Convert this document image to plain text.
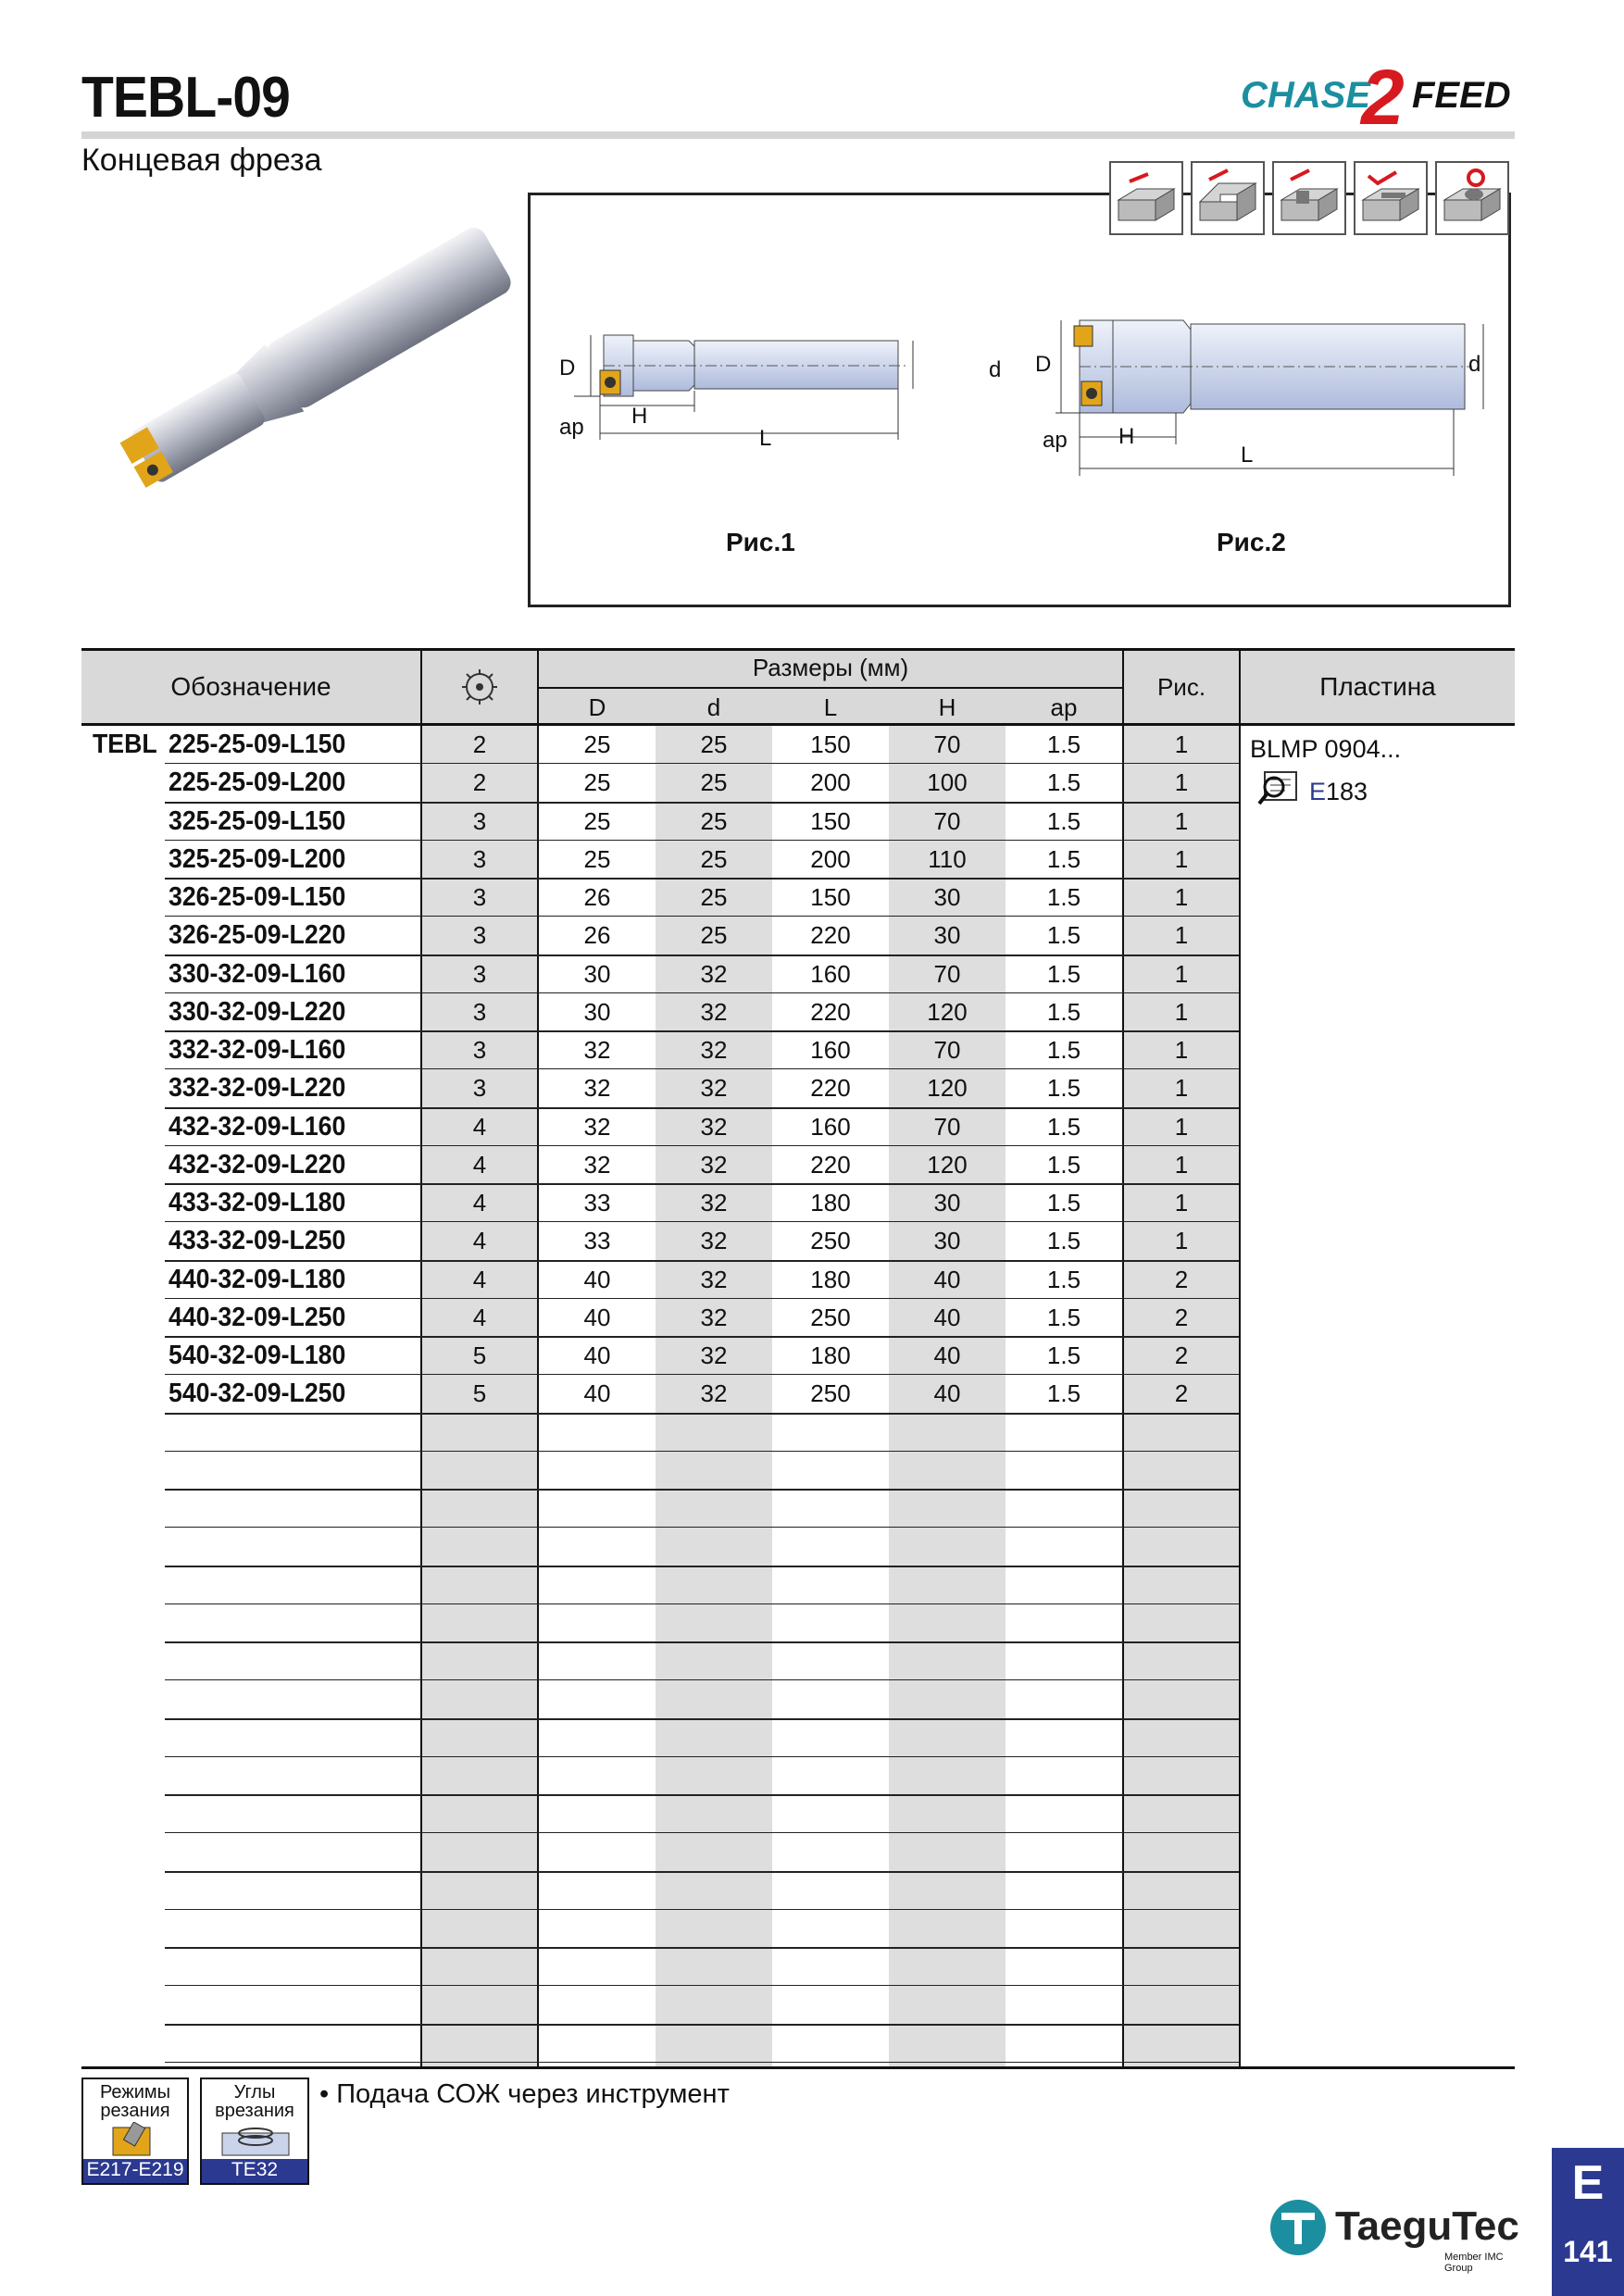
TEBL-09
Концевая фреза
CHASE
2 FEED
D	d
ap H
L
Рис.1
D	d
ap H
L
Рис.2
Обозначение
Размеры (мм)
D	d	L	H	ap
Рис.	Пластина
TEBL 225-25-09-L150	2	25	25	150	70	1.5	1
225-25-09-L200	2	25	25	200	100	1.5	1
325-25-09-L150	3	25	25	150	70	1.5	1
325-25-09-L200	3	25	25	200	110	1.5	1
326-25-09-L150	3	26	25	150	30	1.5	1
326-25-09-L220	3	26	25	220	30	1.5	1
330-32-09-L160	3	30	32	160	70	1.5	1
330-32-09-L220	3	30	32	220	120	1.5	1
332-32-09-L160	3	32	32	160	70	1.5	1
332-32-09-L220	3	32	32	220	120	1.5	1
432-32-09-L160	4	32	32	160	70	1.5	1
432-32-09-L220	4	32	32	220	120	1.5	1
433-32-09-L180	4	33	32	180	30	1.5	1
433-32-09-L250	4	33	32	250	30	1.5	1
440-32-09-L180	4	40	32	180	40	1.5	2
440-32-09-L250	4	40	32	250	40	1.5	2
540-32-09-L180	5	40	32	180	40	1.5	2
540-32-09-L250	5	40	32	250	40	1.5	2
BLMP 0904...
E183
Режимы резания
E217-E219
Углы врезания
TE32
• Подача СОЖ через инструмент
TaeguTec
Member IMC Group
E
141
